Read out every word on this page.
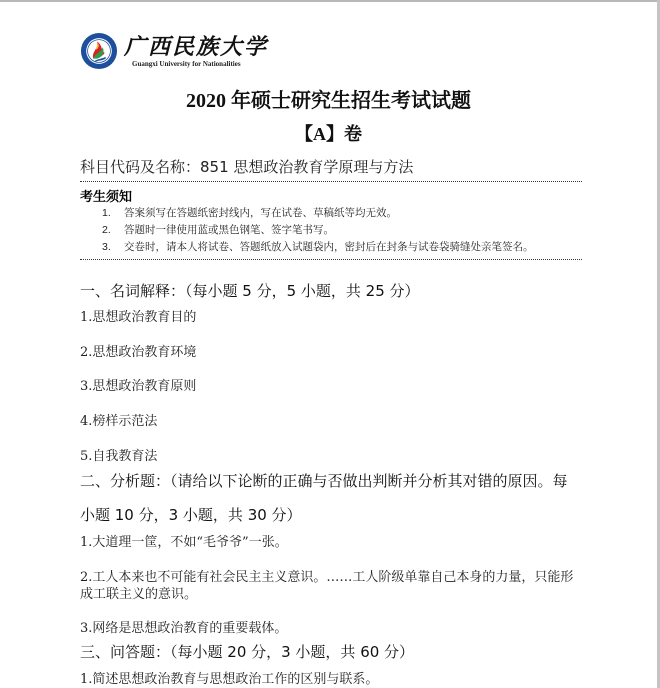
广西民族大学
Guangxi University for Nationalities
2020 年硕士研究生招生考试试题
【A】卷
科目代码及名称：851 思想政治教育学原理与方法
考生须知
1. 答案须写在答题纸密封线内，写在试卷、草稿纸等均无效。
2. 答题时一律使用蓝或黑色钢笔、签字笔书写。
3. 交卷时，请本人将试卷、答题纸放入试题袋内，密封后在封条与试卷袋骑缝处亲笔签名。
一、名词解释：（每小题 5 分，5 小题，共 25 分）
1.思想政治教育目的
2.思想政治教育环境
3.思想政治教育原则
4.榜样示范法
5.自我教育法
二、分析题：（请给以下论断的正确与否做出判断并分析其对错的原因。每
小题 10 分，3 小题，共 30 分）
1.大道理一筐，不如“毛爷爷”一张。
2.工人本来也不可能有社会民主主义意识。……工人阶级单靠自己本身的力量，只能形
成工联主义的意识。
3.网络是思想政治教育的重要载体。
三、问答题：（每小题 20 分，3 小题，共 60 分）
1.简述思想政治教育与思想政治工作的区别与联系。
